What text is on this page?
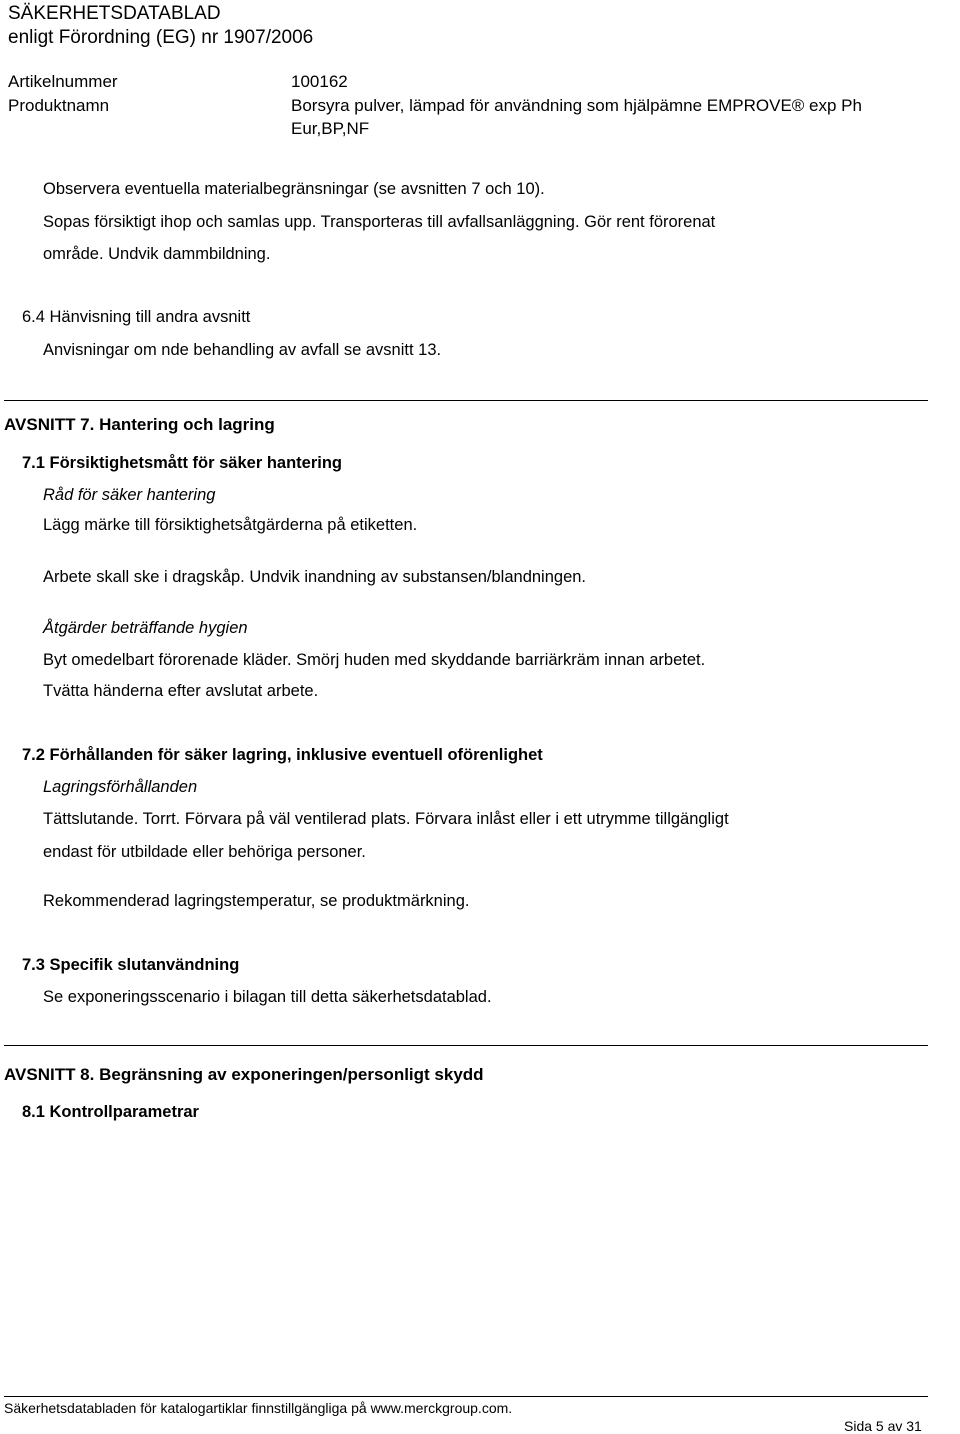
SÄKERHETSDATABLAD
enligt Förordning (EG) nr 1907/2006
Artikelnummer	100162
Produktnamn	Borsyra pulver, lämpad för användning som hjälpämne EMPROVE® exp Ph
Eur,BP,NF
Observera eventuella materialbegränsningar (se avsnitten 7 och 10).
Sopas försiktigt ihop och samlas upp. Transporteras till avfallsanläggning. Gör rent förorenat
område. Undvik dammbildning.
6.4 Hänvisning till andra avsnitt
Anvisningar om nde behandling av avfall se avsnitt 13.
AVSNITT 7. Hantering och lagring
7.1 Försiktighetsmått för säker hantering
Råd för säker hantering
Lägg märke till försiktighetsåtgärderna på etiketten.
Arbete skall ske i dragskåp. Undvik inandning av substansen/blandningen.
Åtgärder beträffande hygien
Byt omedelbart förorenade kläder. Smörj huden med skyddande barriärkräm innan arbetet.
Tvätta händerna efter avslutat arbete.
7.2 Förhållanden för säker lagring, inklusive eventuell oförenlighet
Lagringsförhållanden
Tättslutande. Torrt. Förvara på väl ventilerad plats. Förvara inlåst eller i ett utrymme tillgängligt
endast för utbildade eller behöriga personer.
Rekommenderad lagringstemperatur, se produktmärkning.
7.3 Specifik slutanvändning
Se exponeringsscenario i bilagan till detta säkerhetsdatablad.
AVSNITT 8. Begränsning av exponeringen/personligt skydd
8.1 Kontrollparametrar
Säkerhetsdatabladen för katalogartiklar finnstillgängliga på www.merckgroup.com.
Sida 5 av 31
